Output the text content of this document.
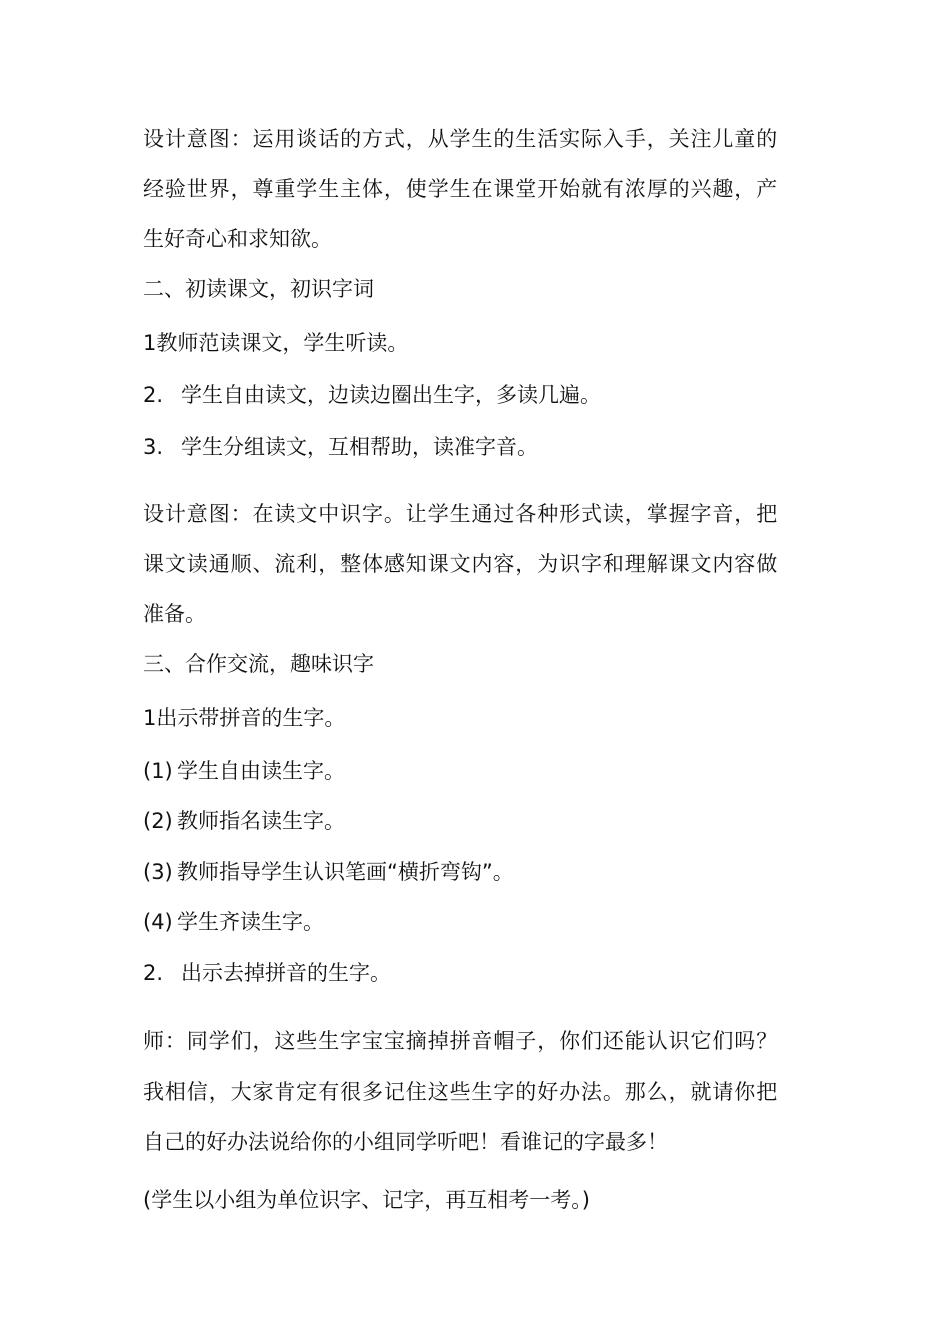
设计意图：运用谈话的方式，从学生的生活实际入手，关注儿童的

经验世界，尊重学生主体，使学生在课堂开始就有浓厚的兴趣，产

生好奇心和求知欲。

二、初读课文，初识字词

1教师范读课文，学生听读。

2. 学生自由读文，边读边圈出生字，多读几遍。

3. 学生分组读文，互相帮助，读准字音。

设计意图：在读文中识字。让学生通过各种形式读，掌握字音，把

课文读通顺、流利，整体感知课文内容，为识字和理解课文内容做

准备。

三、合作交流，趣味识字

1出示带拼音的生字。

(1) 学生自由读生字。

(2) 教师指名读生字。

(3) 教师指导学生认识笔画“横折弯钩”。

(4) 学生齐读生字。

2. 出示去掉拼音的生字。

师：同学们，这些生字宝宝摘掉拼音帽子，你们还能认识它们吗？

我相信，大家肯定有很多记住这些生字的好办法。那么，就请你把

自己的好办法说给你的小组同学听吧！看谁记的字最多！

(学生以小组为单位识字、记字，再互相考一考。)
